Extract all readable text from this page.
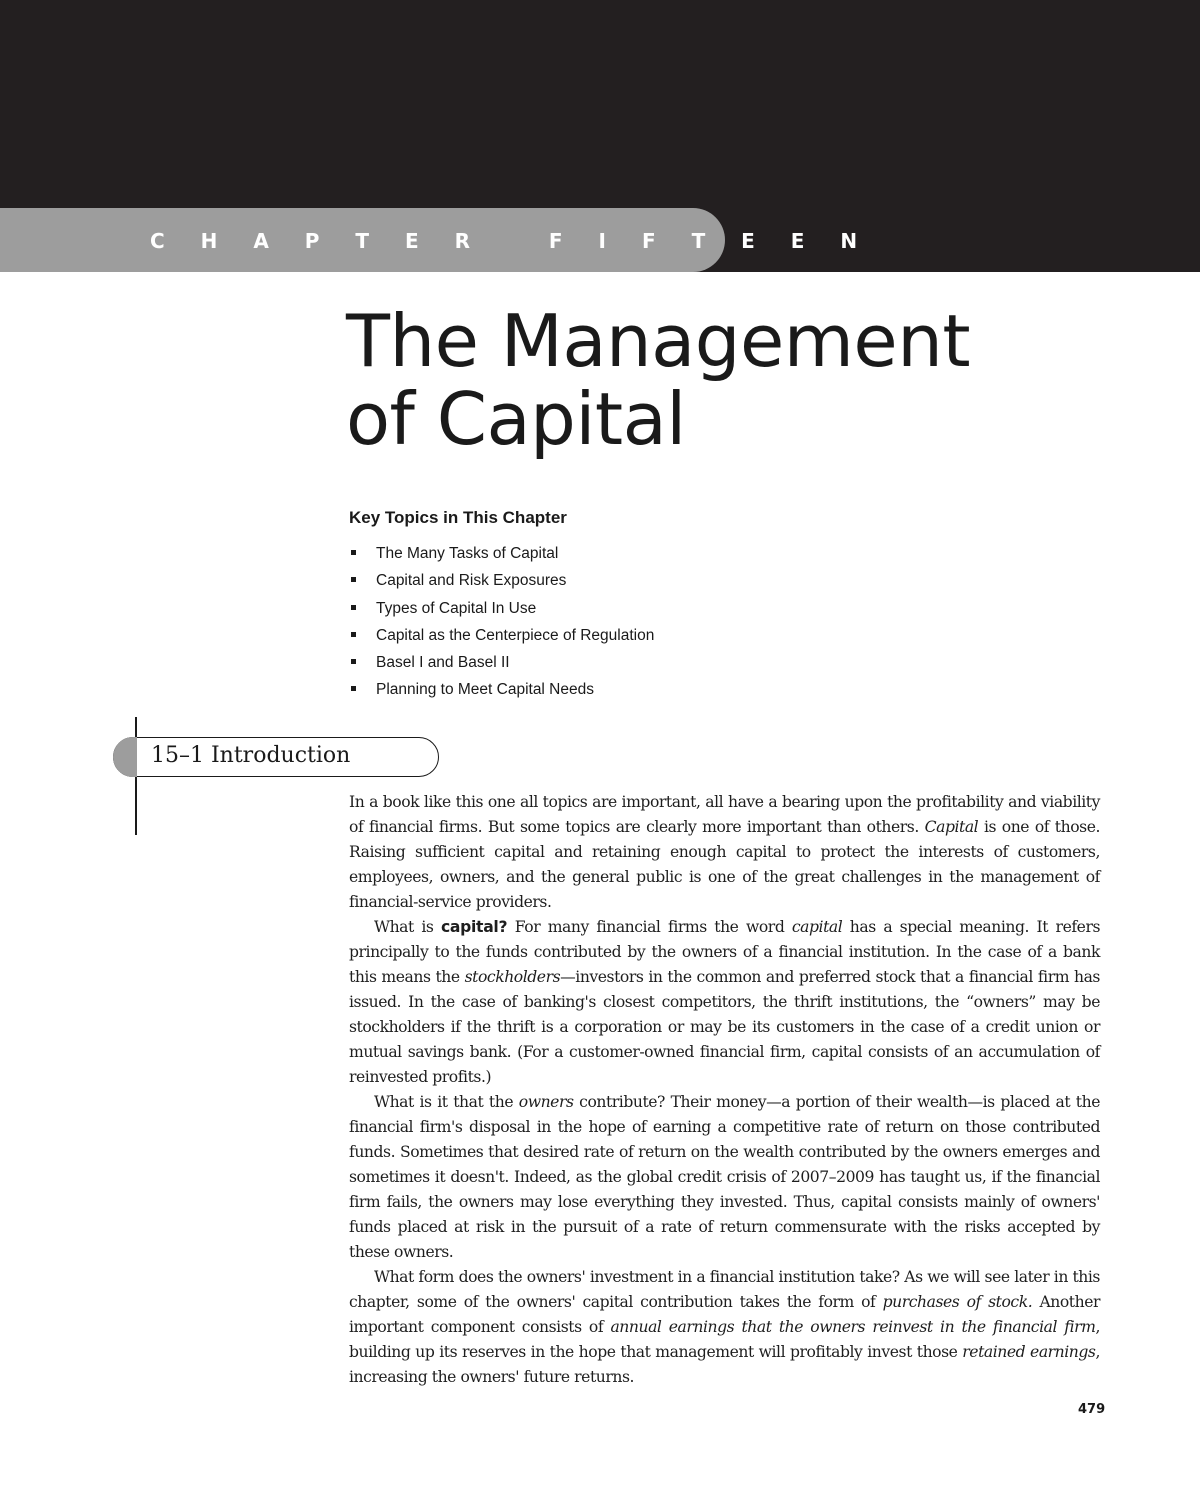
C H A P T E R   F I F T E E N
The Management
of Capital
Key Topics in This Chapter
The Many Tasks of Capital
Capital and Risk Exposures
Types of Capital In Use
Capital as the Centerpiece of Regulation
Basel I and Basel II
Planning to Meet Capital Needs
15–1 Introduction

In a book like this one all topics are important, all have a bearing upon the profitability and viability of financial firms. But some topics are clearly more important than others. Capital is one of those. Raising sufficient capital and retaining enough capital to protect the interests of customers, employees, owners, and the general public is one of the great challenges in the management of financial-service providers.

What is capital? For many financial firms the word capital has a special meaning. It refers principally to the funds contributed by the owners of a financial institution. In the case of a bank this means the stockholders—investors in the common and preferred stock that a financial firm has issued. In the case of banking's closest competitors, the thrift institutions, the “owners” may be stockholders if the thrift is a corporation or may be its customers in the case of a credit union or mutual savings bank. (For a customer-owned financial firm, capital consists of an accumulation of reinvested profits.)

What is it that the owners contribute? Their money—a portion of their wealth—is placed at the financial firm's disposal in the hope of earning a competitive rate of return on those contributed funds. Sometimes that desired rate of return on the wealth contributed by the owners emerges and sometimes it doesn't. Indeed, as the global credit crisis of 2007–2009 has taught us, if the financial firm fails, the owners may lose everything they invested. Thus, capital consists mainly of owners' funds placed at risk in the pursuit of a rate of return commensurate with the risks accepted by these owners.

What form does the owners' investment in a financial institution take? As we will see later in this chapter, some of the owners' capital contribution takes the form of purchases of stock. Another important component consists of annual earnings that the owners reinvest in the financial firm, building up its reserves in the hope that management will profitably invest those retained earnings, increasing the owners' future returns.

479
